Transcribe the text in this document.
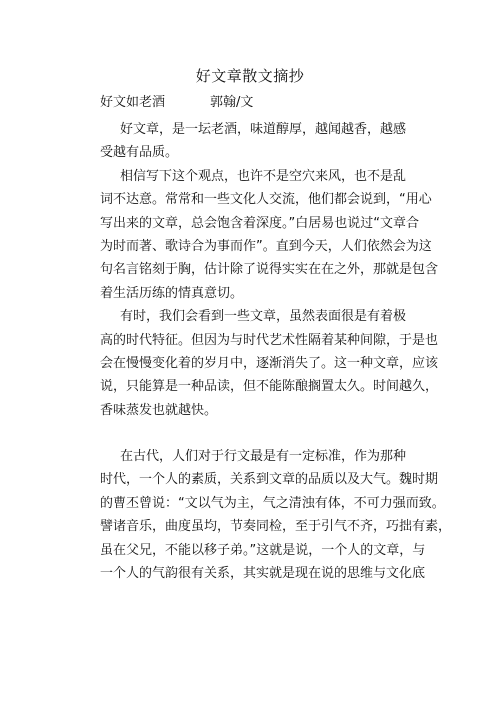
好文章散文摘抄
好文如老酒	郭翰/文
好文章，是一坛老酒，味道醇厚，越闻越香，越感
受越有品质。
相信写下这个观点，也许不是空穴来风，也不是乱
词不达意。常常和一些文化人交流，他们都会说到，“用心
写出来的文章，总会饱含着深度。”白居易也说过“文章合
为时而著、歌诗合为事而作”。直到今天，人们依然会为这
句名言铭刻于胸，估计除了说得实实在在之外，那就是包含
着生活历练的情真意切。
有时，我们会看到一些文章，虽然表面很是有着极
高的时代特征。但因为与时代艺术性隔着某种间隙，于是也
会在慢慢变化着的岁月中，逐渐消失了。这一种文章，应该
说，只能算是一种品读，但不能陈酿搁置太久。时间越久，
香味蒸发也就越快。
在古代，人们对于行文最是有一定标准，作为那种
时代，一个人的素质，关系到文章的品质以及大气。魏时期
的曹丕曾说：“文以气为主，气之清浊有体，不可力强而致。
譬诸音乐，曲度虽均，节奏同检，至于引气不齐，巧拙有素，
虽在父兄，不能以移子弟。”这就是说，一个人的文章，与
一个人的气韵很有关系，其实就是现在说的思维与文化底
